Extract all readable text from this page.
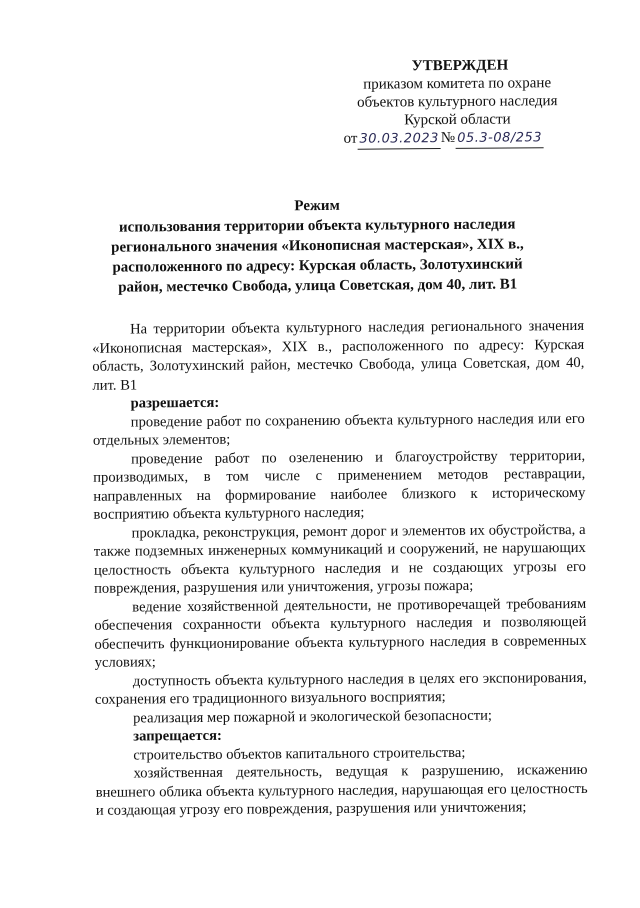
УТВЕРЖДЕН
приказом комитета по охране
объектов культурного наследия
Курской области
от 30.03.2023 № 05.3-08/253
Режим
использования территории объекта культурного наследия регионального значения «Иконописная мастерская», XIX в., расположенного по адресу: Курская область, Золотухинский район, местечко Свобода, улица Советская, дом 40, лит. В1

На территории объекта культурного наследия регионального значения «Иконописная мастерская», XIX в., расположенного по адресу: Курская область, Золотухинский район, местечко Свобода, улица Советская, дом 40, лит. В1

разрешается:

проведение работ по сохранению объекта культурного наследия или его отдельных элементов;

проведение работ по озеленению и благоустройству территории, производимых, в том числе с применением методов реставрации, направленных на формирование наиболее близкого к историческому восприятию объекта культурного наследия;

прокладка, реконструкция, ремонт дорог и элементов их обустройства, а также подземных инженерных коммуникаций и сооружений, не нарушающих целостность объекта культурного наследия и не создающих угрозы его повреждения, разрушения или уничтожения, угрозы пожара;

ведение хозяйственной деятельности, не противоречащей требованиям обеспечения сохранности объекта культурного наследия и позволяющей обеспечить функционирование объекта культурного наследия в современных условиях;

доступность объекта культурного наследия в целях его экспонирования, сохранения его традиционного визуального восприятия;

реализация мер пожарной и экологической безопасности;

запрещается:

строительство объектов капитального строительства;

хозяйственная деятельность, ведущая к разрушению, искажению внешнего облика объекта культурного наследия, нарушающая его целостность и создающая угрозу его повреждения, разрушения или уничтожения;
